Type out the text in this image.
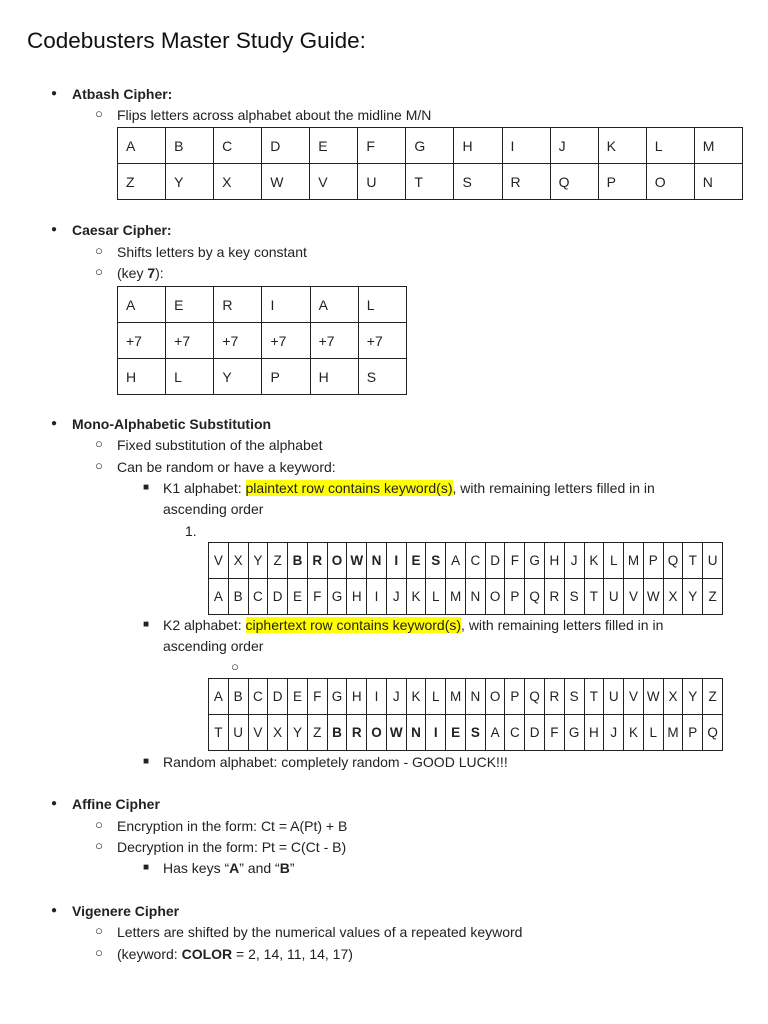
Codebusters Master Study Guide:
● Atbash Cipher:
○ Flips letters across alphabet about the midline M/N
A	B	C	D	E	F	G	H	I	J	K	L	M
Z	Y	X	W	V	U	T	S	R	Q	P	O	N
● Caesar Cipher:
○ Shifts letters by a key constant
○ (key 7):
A	E	R	I	A	L
+7	+7	+7	+7	+7	+7
H	L	Y	P	H	S
● Mono-Alphabetic Substitution
○ Fixed substitution of the alphabet
○ Can be random or have a keyword:
■ K1 alphabet: plaintext row contains keyword(s), with remaining letters filled in in
ascending order
1.
V	X	Y	Z	B	R	O	W	N	I	E	S	A	C	D	F	G	H	J	K	L	M	P	Q	T	U
A	B	C	D	E	F	G	H	I	J	K	L	M	N	O	P	Q	R	S	T	U	V	W	X	Y	Z
■ K2 alphabet: ciphertext row contains keyword(s), with remaining letters filled in in
ascending order
A	B	C	D	E	F	G	H	I	J	K	L	M	N	O	P	Q	R	S	T	U	V	W	X	Y	Z
T	U	V	X	Y	Z	B	R	O	W	N	I	E	S	A	C	D	F	G	H	J	K	L	M	P	Q
■ Random alphabet: completely random - GOOD LUCK!!!
● Affine Cipher
○ Encryption in the form: Ct = A(Pt) + B
○ Decryption in the form: Pt = C(Ct - B)
■ Has keys “A” and “B”
● Vigenere Cipher
○ Letters are shifted by the numerical values of a repeated keyword
○ (keyword: COLOR = 2, 14, 11, 14, 17)
